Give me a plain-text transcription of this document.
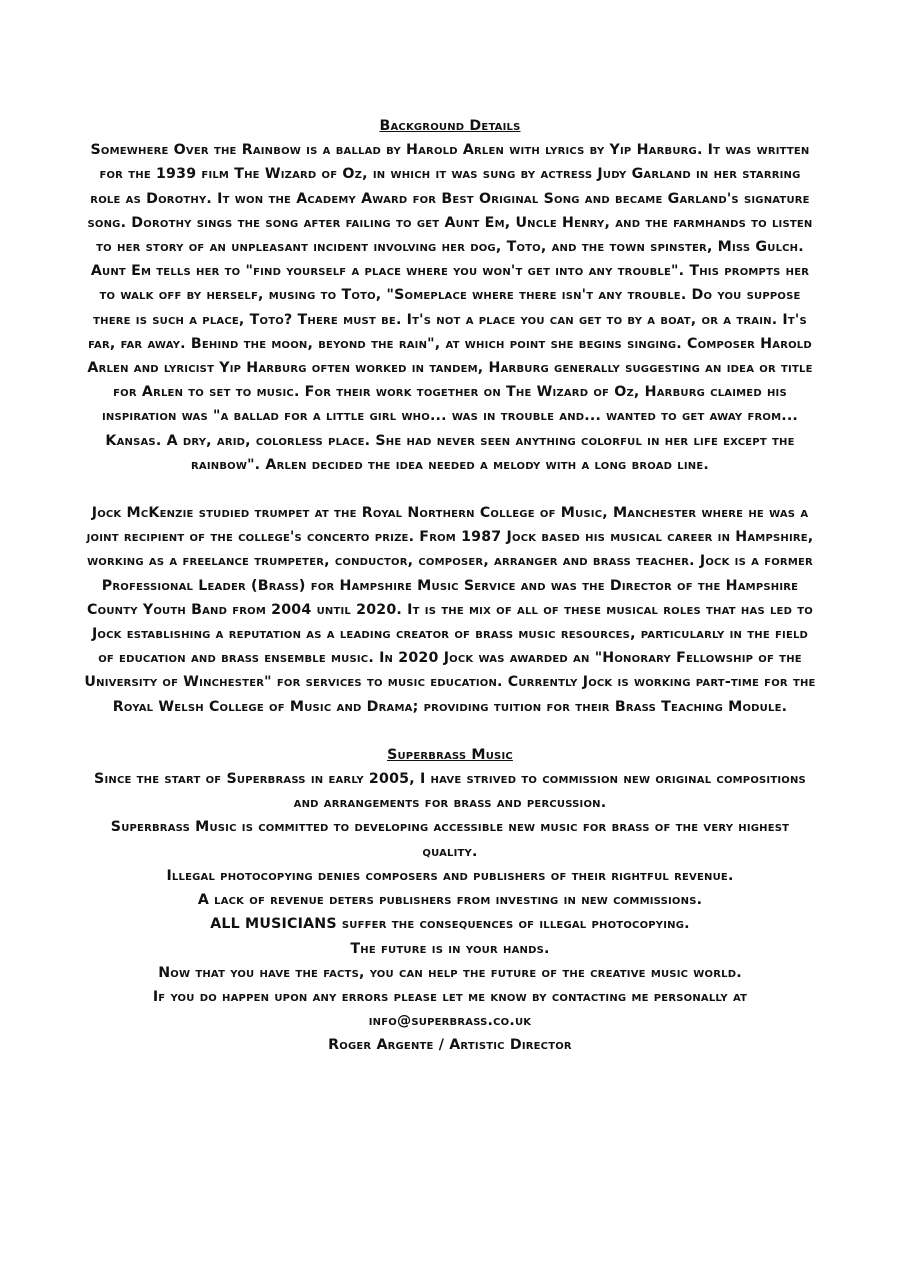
Background Details

Somewhere Over the Rainbow is a ballad by Harold Arlen with lyrics by Yip Harburg. It was written for the 1939 film The Wizard of Oz, in which it was sung by actress Judy Garland in her starring role as Dorothy. It won the Academy Award for Best Original Song and became Garland's signature song. Dorothy sings the song after failing to get Aunt Em, Uncle Henry, and the farmhands to listen to her story of an unpleasant incident involving her dog, Toto, and the town spinster, Miss Gulch. Aunt Em tells her to "find yourself a place where you won't get into any trouble". This prompts her to walk off by herself, musing to Toto, "Someplace where there isn't any trouble. Do you suppose there is such a place, Toto? There must be. It's not a place you can get to by a boat, or a train. It's far, far away. Behind the moon, beyond the rain", at which point she begins singing. Composer Harold Arlen and lyricist Yip Harburg often worked in tandem, Harburg generally suggesting an idea or title for Arlen to set to music. For their work together on The Wizard of Oz, Harburg claimed his inspiration was "a ballad for a little girl who... was in trouble and... wanted to get away from... Kansas. A dry, arid, colorless place. She had never seen anything colorful in her life except the rainbow". Arlen decided the idea needed a melody with a long broad line.

Jock McKenzie studied trumpet at the Royal Northern College of Music, Manchester where he was a joint recipient of the college's concerto prize. From 1987 Jock based his musical career in Hampshire, working as a freelance trumpeter, conductor, composer, arranger and brass teacher. Jock is a former Professional Leader (Brass) for Hampshire Music Service and was the Director of the Hampshire County Youth Band from 2004 until 2020. It is the mix of all of these musical roles that has led to Jock establishing a reputation as a leading creator of brass music resources, particularly in the field of education and brass ensemble music. In 2020 Jock was awarded an "Honorary Fellowship of the University of Winchester" for services to music education. Currently Jock is working part-time for the Royal Welsh College of Music and Drama; providing tuition for their Brass Teaching Module.

Superbrass Music

Since the start of Superbrass in early 2005, I have strived to commission new original compositions and arrangements for brass and percussion.

Superbrass Music is committed to developing accessible new music for brass of the very highest quality.

Illegal photocopying denies composers and publishers of their rightful revenue.

A lack of revenue deters publishers from investing in new commissions.

ALL MUSICIANS suffer the consequences of illegal photocopying.

The future is in your hands.

Now that you have the facts, you can help the future of the creative music world.

If you do happen upon any errors please let me know by contacting me personally at

info@superbrass.co.uk

Roger Argente / Artistic Director
